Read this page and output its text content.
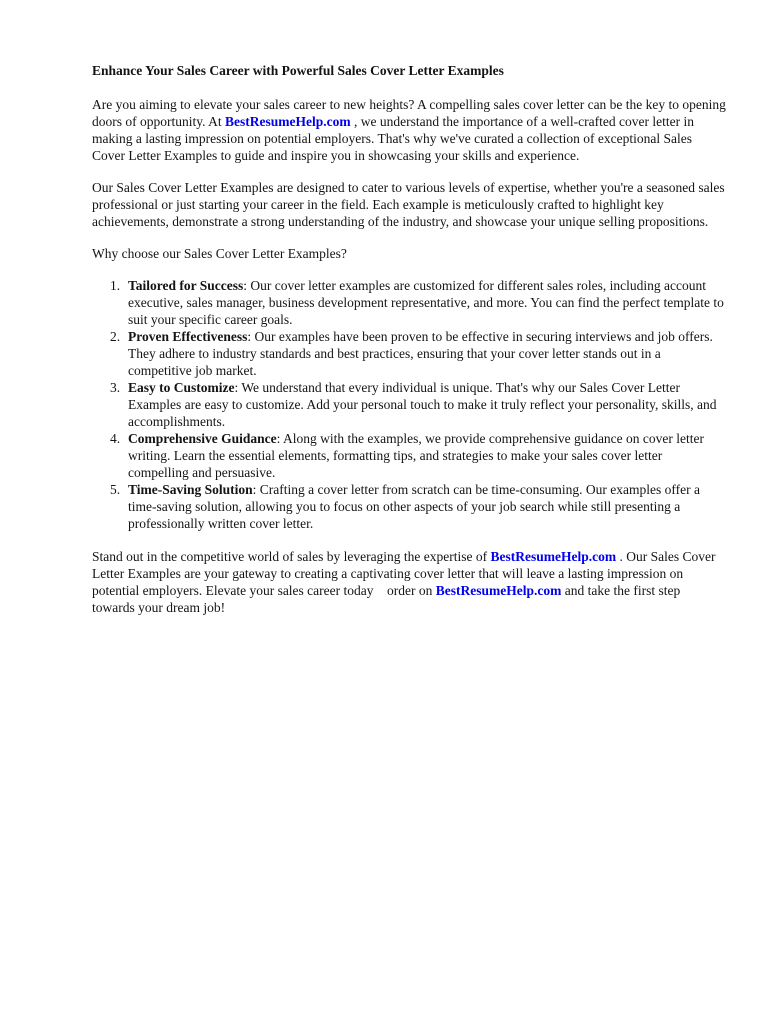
Enhance Your Sales Career with Powerful Sales Cover Letter Examples

Are you aiming to elevate your sales career to new heights? A compelling sales cover letter can be the key to opening doors of opportunity. At BestResumeHelp.com , we understand the importance of a well-crafted cover letter in making a lasting impression on potential employers. That's why we've curated a collection of exceptional Sales Cover Letter Examples to guide and inspire you in showcasing your skills and experience.

Our Sales Cover Letter Examples are designed to cater to various levels of expertise, whether you're a seasoned sales professional or just starting your career in the field. Each example is meticulously crafted to highlight key achievements, demonstrate a strong understanding of the industry, and showcase your unique selling propositions.

Why choose our Sales Cover Letter Examples?

1. Tailored for Success: Our cover letter examples are customized for different sales roles, including account executive, sales manager, business development representative, and more. You can find the perfect template to suit your specific career goals.
2. Proven Effectiveness: Our examples have been proven to be effective in securing interviews and job offers. They adhere to industry standards and best practices, ensuring that your cover letter stands out in a competitive job market.
3. Easy to Customize: We understand that every individual is unique. That's why our Sales Cover Letter Examples are easy to customize. Add your personal touch to make it truly reflect your personality, skills, and accomplishments.
4. Comprehensive Guidance: Along with the examples, we provide comprehensive guidance on cover letter writing. Learn the essential elements, formatting tips, and strategies to make your sales cover letter compelling and persuasive.
5. Time-Saving Solution: Crafting a cover letter from scratch can be time-consuming. Our examples offer a time-saving solution, allowing you to focus on other aspects of your job search while still presenting a professionally written cover letter.

Stand out in the competitive world of sales by leveraging the expertise of BestResumeHelp.com . Our Sales Cover Letter Examples are your gateway to creating a captivating cover letter that will leave a lasting impression on potential employers. Elevate your sales career today    order on BestResumeHelp.com and take the first step towards your dream job!
